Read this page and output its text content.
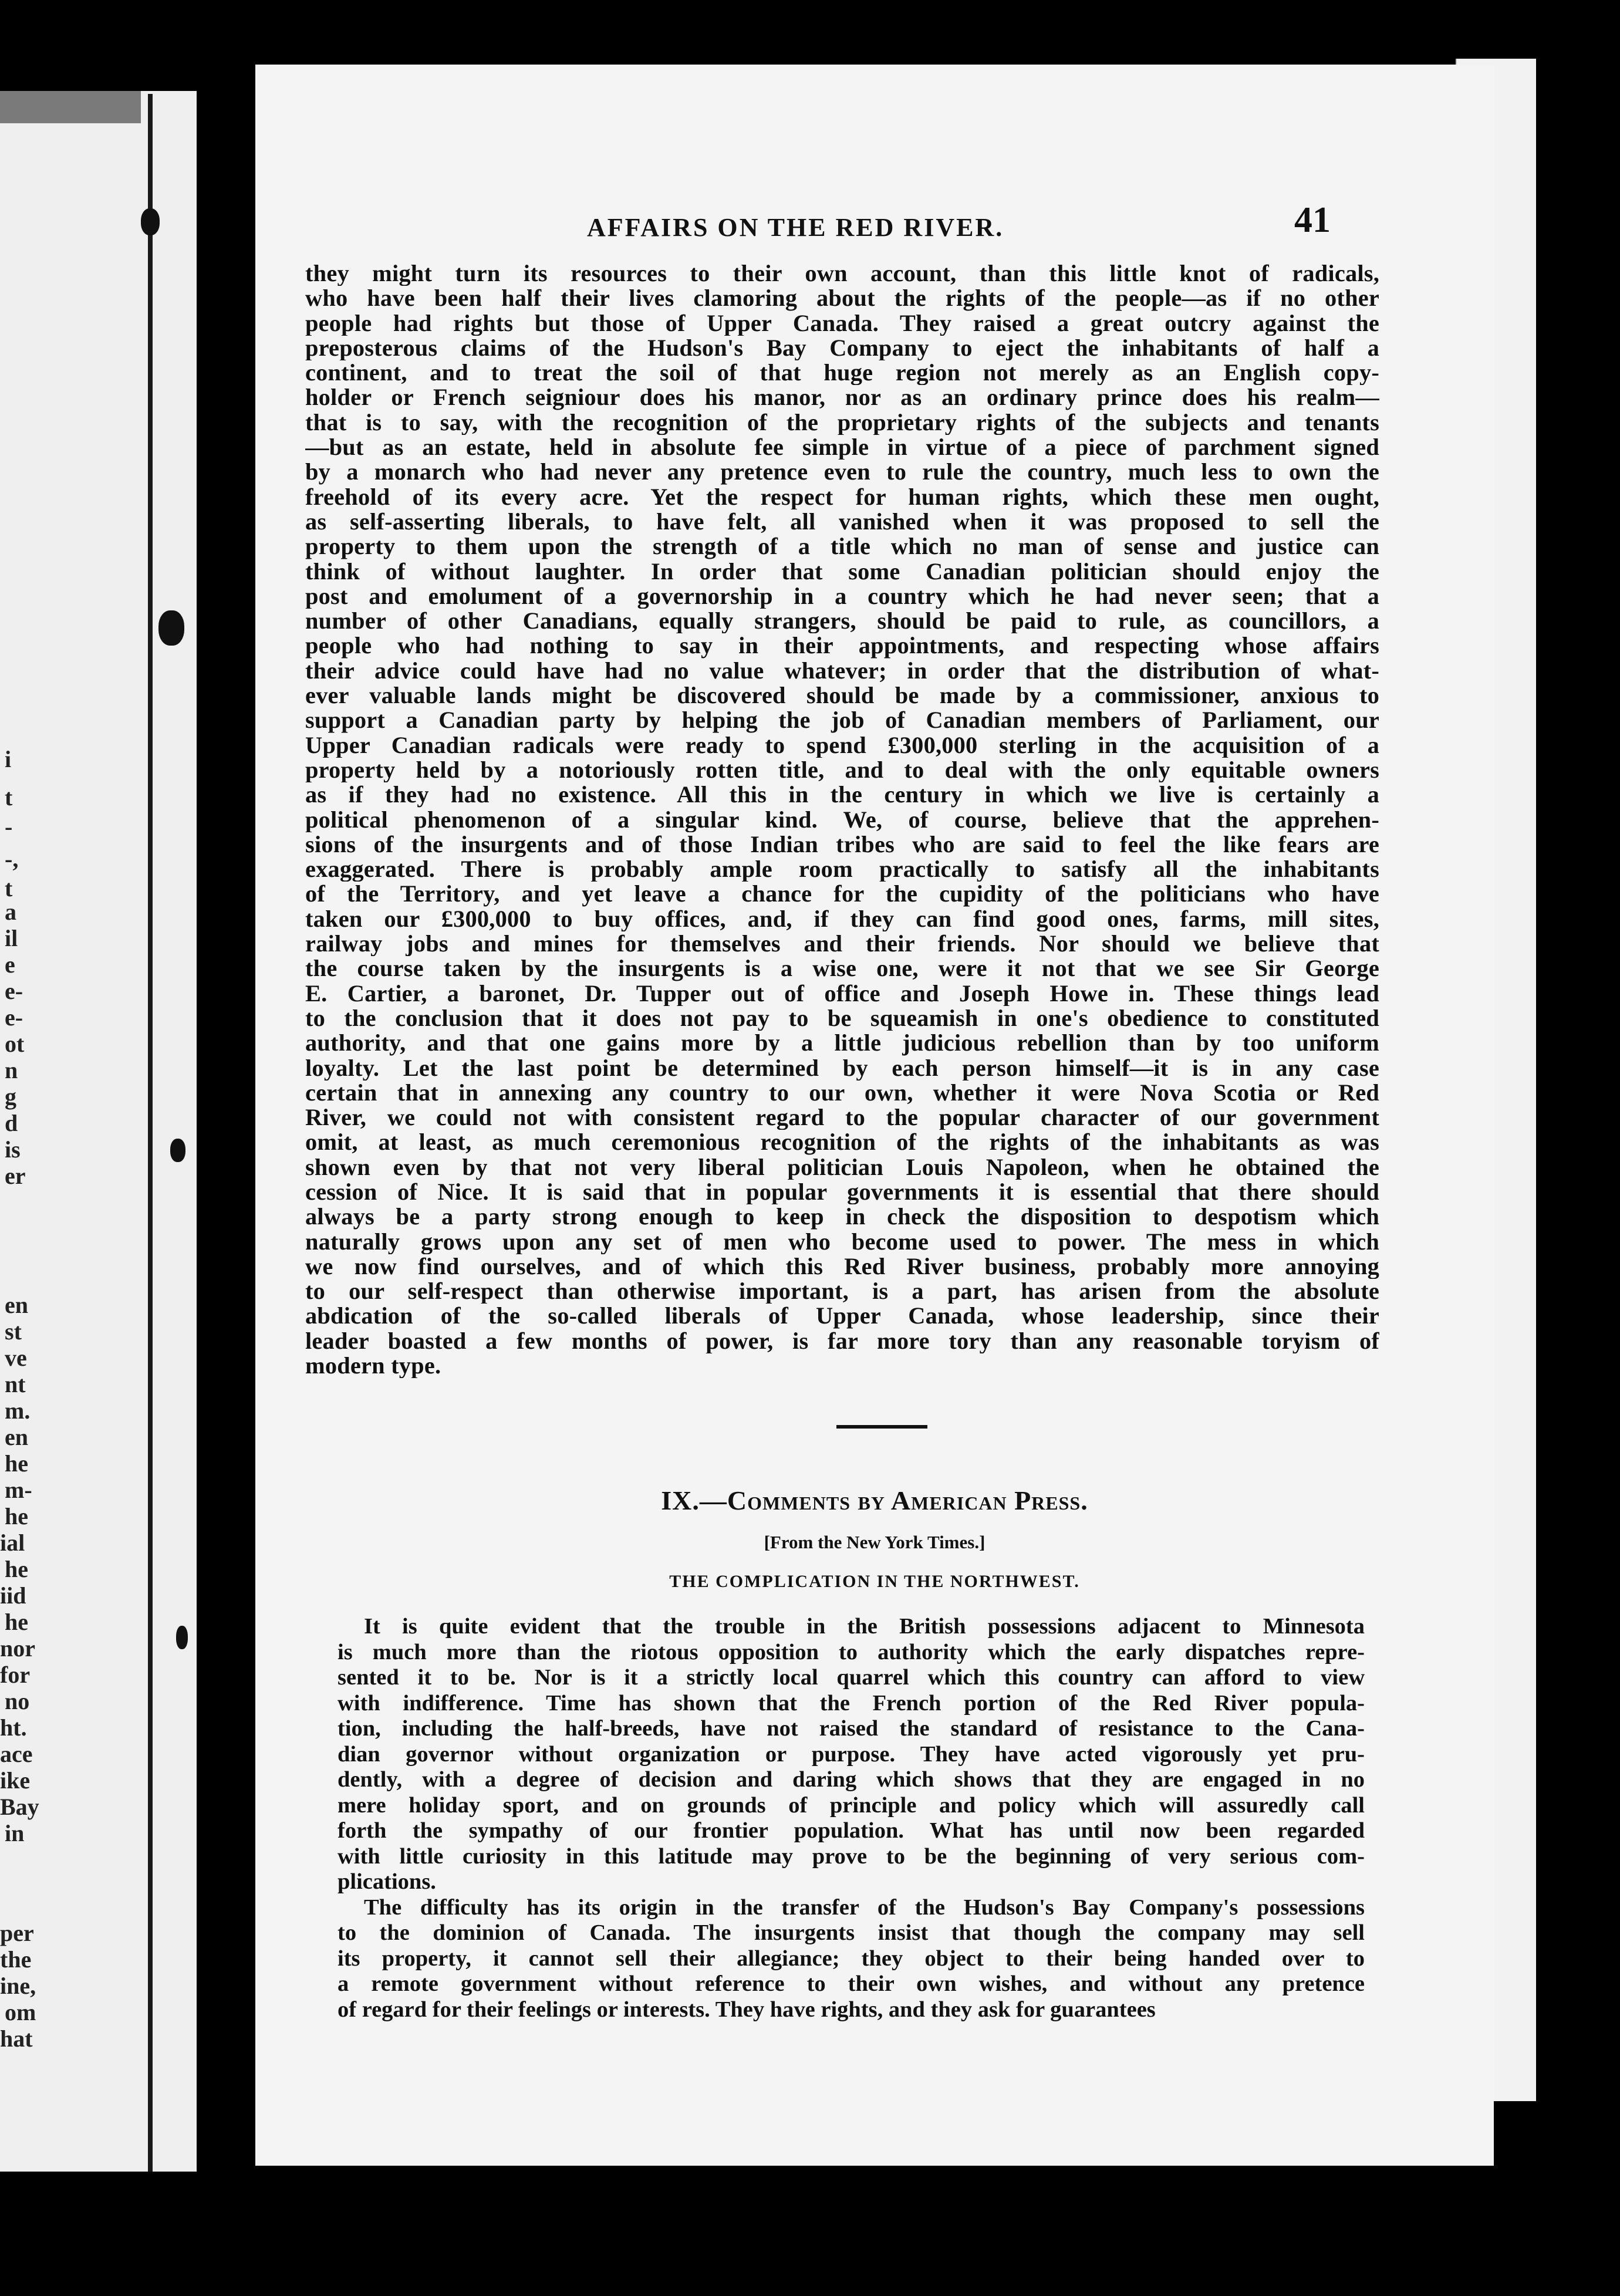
i
t
-
-,
t
a
il
e
e-
e-
ot
n
g
d
is
er
en
st
ve
nt
m.
en
he
m-
he
ial
he
iid
he
nor
for
no
ht.
ace
ike
Bay
in
per
the
ine,
om
hat
AFFAIRS ON THE RED RIVER.	41
they might turn its resources to their own account, than this little knot of radicals,
who have been half their lives clamoring about the rights of the people—as if no other
people had rights but those of Upper Canada. They raised a great outcry against the
preposterous claims of the Hudson's Bay Company to eject the inhabitants of half a
continent, and to treat the soil of that huge region not merely as an English copy-
holder or French seigniour does his manor, nor as an ordinary prince does his realm—
that is to say, with the recognition of the proprietary rights of the subjects and tenants
—but as an estate, held in absolute fee simple in virtue of a piece of parchment signed
by a monarch who had never any pretence even to rule the country, much less to own the
freehold of its every acre. Yet the respect for human rights, which these men ought,
as self-asserting liberals, to have felt, all vanished when it was proposed to sell the
property to them upon the strength of a title which no man of sense and justice can
think of without laughter. In order that some Canadian politician should enjoy the
post and emolument of a governorship in a country which he had never seen; that a
number of other Canadians, equally strangers, should be paid to rule, as councillors, a
people who had nothing to say in their appointments, and respecting whose affairs
their advice could have had no value whatever; in order that the distribution of what-
ever valuable lands might be discovered should be made by a commissioner, anxious to
support a Canadian party by helping the job of Canadian members of Parliament, our
Upper Canadian radicals were ready to spend £300,000 sterling in the acquisition of a
property held by a notoriously rotten title, and to deal with the only equitable owners
as if they had no existence. All this in the century in which we live is certainly a
political phenomenon of a singular kind. We, of course, believe that the apprehen-
sions of the insurgents and of those Indian tribes who are said to feel the like fears are
exaggerated. There is probably ample room practically to satisfy all the inhabitants
of the Territory, and yet leave a chance for the cupidity of the politicians who have
taken our £300,000 to buy offices, and, if they can find good ones, farms, mill sites,
railway jobs and mines for themselves and their friends. Nor should we believe that
the course taken by the insurgents is a wise one, were it not that we see Sir George
E. Cartier, a baronet, Dr. Tupper out of office and Joseph Howe in. These things lead
to the conclusion that it does not pay to be squeamish in one's obedience to constituted
authority, and that one gains more by a little judicious rebellion than by too uniform
loyalty. Let the last point be determined by each person himself—it is in any case
certain that in annexing any country to our own, whether it were Nova Scotia or Red
River, we could not with consistent regard to the popular character of our government
omit, at least, as much ceremonious recognition of the rights of the inhabitants as was
shown even by that not very liberal politician Louis Napoleon, when he obtained the
cession of Nice. It is said that in popular governments it is essential that there should
always be a party strong enough to keep in check the disposition to despotism which
naturally grows upon any set of men who become used to power. The mess in which
we now find ourselves, and of which this Red River business, probably more annoying
to our self-respect than otherwise important, is a part, has arisen from the absolute
abdication of the so-called liberals of Upper Canada, whose leadership, since their
leader boasted a few months of power, is far more tory than any reasonable toryism of
modern type.
IX.—Comments by American Press.
[From the New York Times.]
THE COMPLICATION IN THE NORTHWEST.
It is quite evident that the trouble in the British possessions adjacent to Minnesota
is much more than the riotous opposition to authority which the early dispatches repre-
sented it to be. Nor is it a strictly local quarrel which this country can afford to view
with indifference. Time has shown that the French portion of the Red River popula-
tion, including the half-breeds, have not raised the standard of resistance to the Cana-
dian governor without organization or purpose. They have acted vigorously yet pru-
dently, with a degree of decision and daring which shows that they are engaged in no
mere holiday sport, and on grounds of principle and policy which will assuredly call
forth the sympathy of our frontier population. What has until now been regarded
with little curiosity in this latitude may prove to be the beginning of very serious com-
plications.
The difficulty has its origin in the transfer of the Hudson's Bay Company's possessions
to the dominion of Canada. The insurgents insist that though the company may sell
its property, it cannot sell their allegiance; they object to their being handed over to
a remote government without reference to their own wishes, and without any pretence
of regard for their feelings or interests. They have rights, and they ask for guarantees
